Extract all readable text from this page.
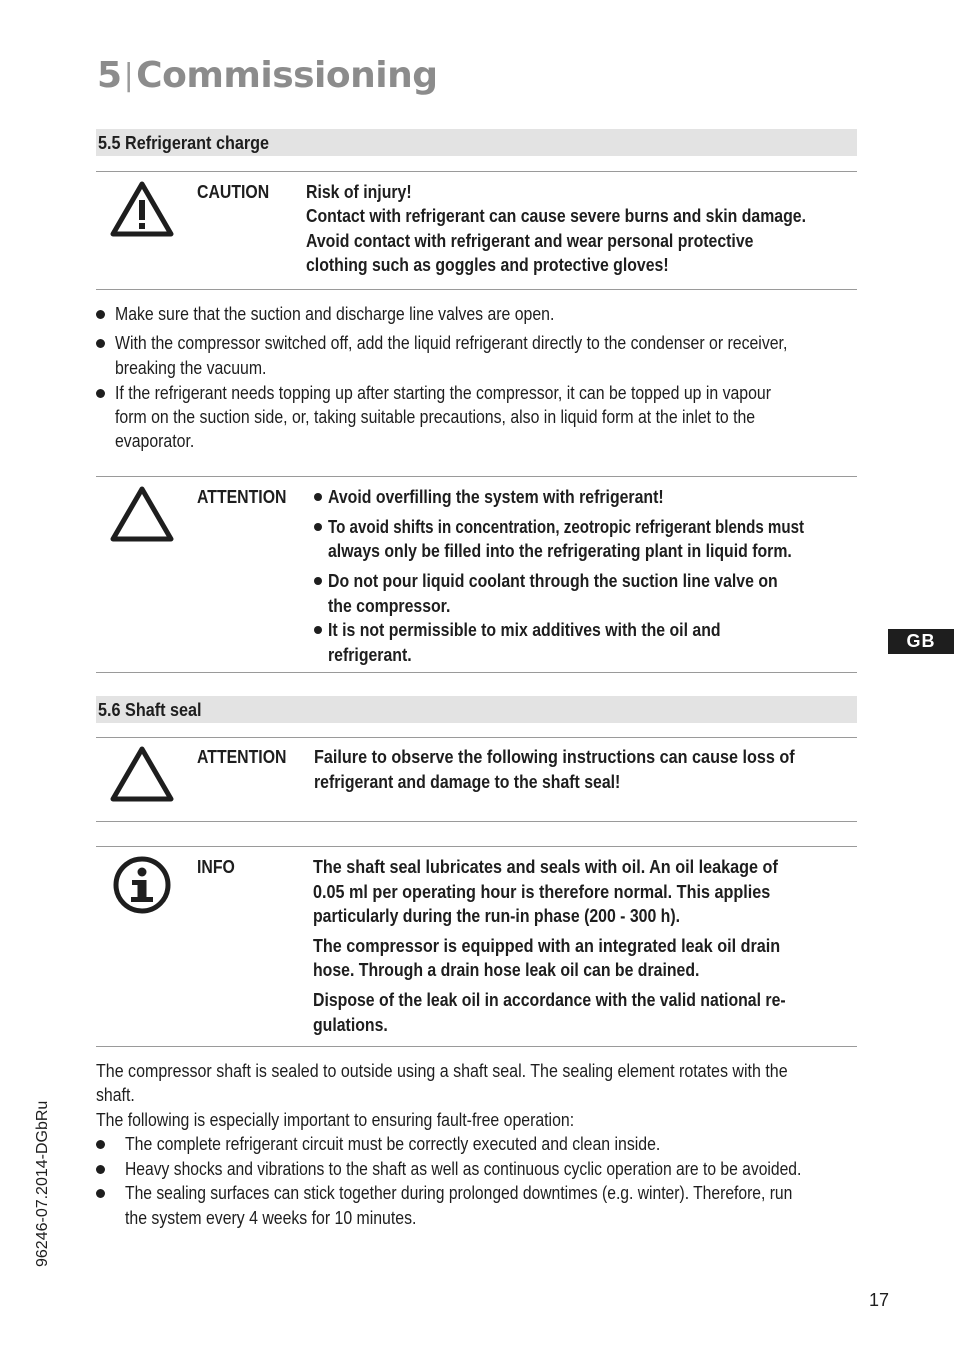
5|Commissioning
5.5 Refrigerant charge
CAUTION Risk of injury!
Contact with refrigerant can cause severe burns and skin damage.
Avoid contact with refrigerant and wear personal protective
clothing such as goggles and protective gloves!
Make sure that the suction and discharge line valves are open.
With the compressor switched off, add the liquid refrigerant directly to the condenser or receiver,
breaking the vacuum.
If the refrigerant needs topping up after starting the compressor, it can be topped up in vapour
form on the suction side, or, taking suitable precautions, also in liquid form at the inlet to the
evaporator.
ATTENTION Avoid overfilling the system with refrigerant!
To avoid shifts in concentration, zeotropic refrigerant blends must
always only be filled into the refrigerating plant in liquid form.
Do not pour liquid coolant through the suction line valve on
the compressor.
It is not permissible to mix additives with the oil and
refrigerant.
GB
5.6 Shaft seal
ATTENTION Failure to observe the following instructions can cause loss of
refrigerant and damage to the shaft seal!
INFO	The shaft seal lubricates and seals with oil. An oil leakage of
0.05 ml per operating hour is therefore normal. This applies
particularly during the run-in phase (200 - 300 h).
The compressor is equipped with an integrated leak oil drain
hose. Through a drain hose leak oil can be drained.
Dispose of the leak oil in accordance with the valid national re-
gulations.
The compressor shaft is sealed to outside using a shaft seal. The sealing element rotates with the
shaft.
The following is especially important to ensuring fault-free operation:
The complete refrigerant circuit must be correctly executed and clean inside.
Heavy shocks and vibrations to the shaft as well as continuous cyclic operation are to be avoided.
The sealing surfaces can stick together during prolonged downtimes (e.g. winter). Therefore, run
the system every 4 weeks for 10 minutes.
96246-07.2014-DGbRu
17
